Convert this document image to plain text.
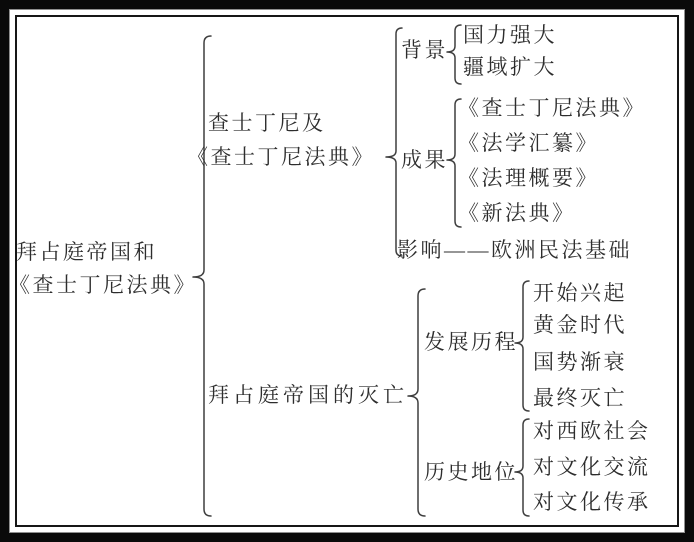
拜占庭帝国和
《查士丁尼法典》
查士丁尼及
《查士丁尼法典》
背景
国力强大
疆域扩大
成果
《查士丁尼法典》
《法学汇纂》
《法理概要》
《新法典》
影响——欧洲民法基础
拜占庭帝国的灭亡
发展历程
开始兴起
黄金时代
国势渐衰
最终灭亡
历史地位
对西欧社会
对文化交流
对文化传承
